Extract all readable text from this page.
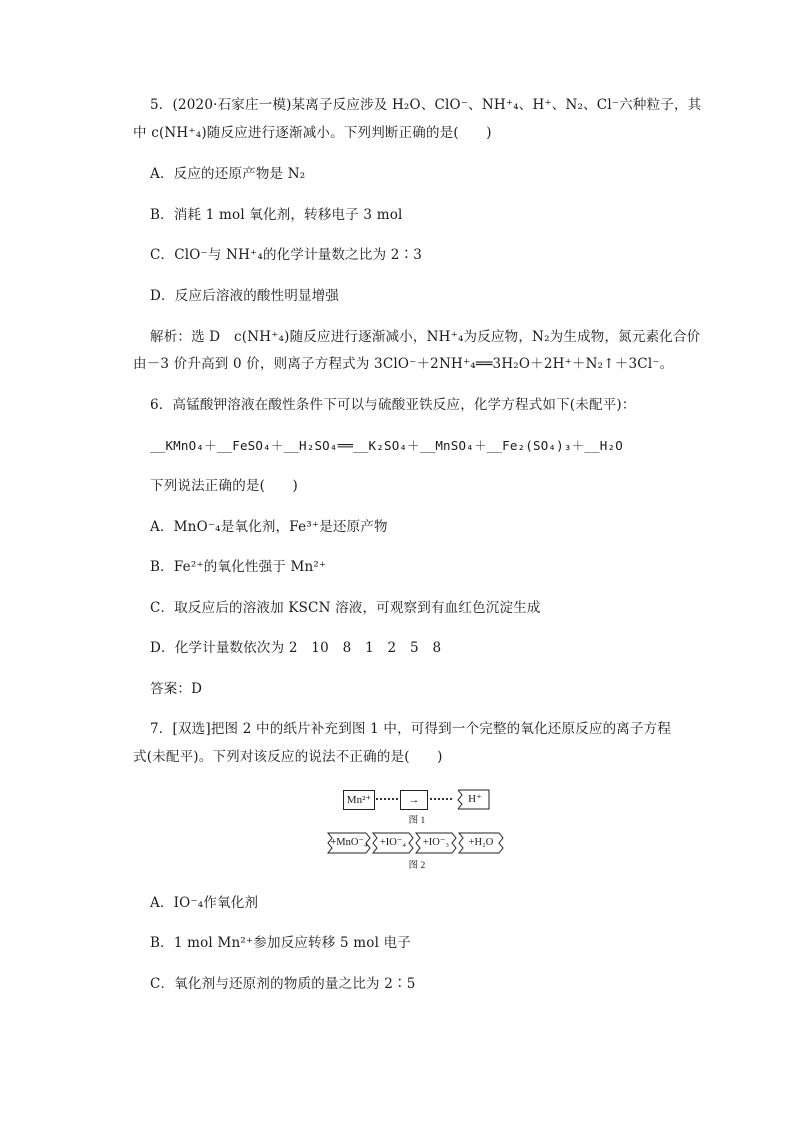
5．(2020·石家庄一模)某离子反应涉及 H₂O、ClO⁻、NH⁺₄、H⁺、N₂、Cl⁻六种粒子，其
中 c(NH⁺₄)随反应进行逐渐减小。下列判断正确的是(　　)
A．反应的还原产物是 N₂
B．消耗 1 mol 氧化剂，转移电子 3 mol
C．ClO⁻与 NH⁺₄的化学计量数之比为 2∶3
D．反应后溶液的酸性明显增强
解析：选 D　c(NH⁺₄)随反应进行逐渐减小，NH⁺₄为反应物，N₂为生成物，氮元素化合价
由－3 价升高到 0 价，则离子方程式为 3ClO⁻＋2NH⁺₄══3H₂O＋2H⁺＋N₂↑＋3Cl⁻。
6．高锰酸钾溶液在酸性条件下可以与硫酸亚铁反应，化学方程式如下(未配平)：
__KMnO₄＋__FeSO₄＋__H₂SO₄══__K₂SO₄＋__MnSO₄＋__Fe₂(SO₄)₃＋__H₂O
下列说法正确的是(　　)
A．MnO⁻₄是氧化剂，Fe³⁺是还原产物
B．Fe²⁺的氧化性强于 Mn²⁺
C．取反应后的溶液加 KSCN 溶液，可观察到有血红色沉淀生成
D．化学计量数依次为 2　10　8　1　2　5　8
答案：D
7．[双选]把图 2 中的纸片补充到图 1 中，可得到一个完整的氧化还原反应的离子方程
式(未配平)。下列对该反应的说法不正确的是(　　)
Mn²⁺	→	H⁺
图 1
+MnO⁻₄	+IO⁻₄	+IO⁻₃	+H₂O
图 2
A．IO⁻₄作氧化剂
B．1 mol Mn²⁺参加反应转移 5 mol 电子
C．氧化剂与还原剂的物质的量之比为 2∶5
